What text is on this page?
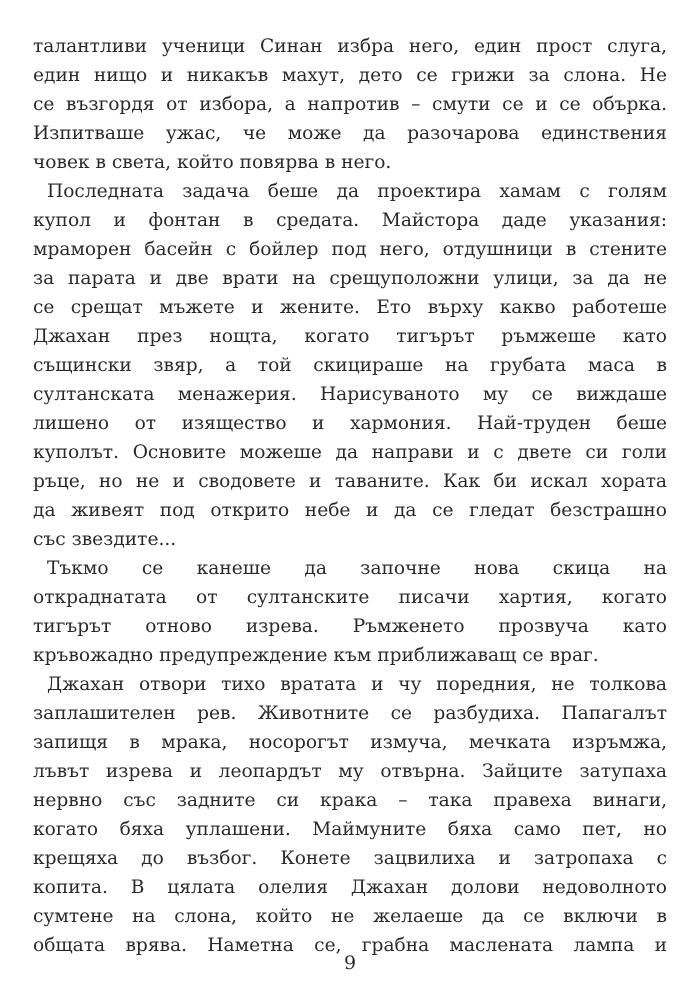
талантливи ученици Синан избра него, един прост слуга,
един нищо и никакъв махут, дето се грижи за слона. Не
се възгордя от избора, а напротив – смути се и се обърка.
Изпитваше ужас, че може да разочарова единствения
човек в света, който повярва в него.
Последната задача беше да проектира хамам с голям
купол и фонтан в средата. Майстора даде указания:
мраморен басейн с бойлер под него, отдушници в стените
за парата и две врати на срещуположни улици, за да не
се срещат мъжете и жените. Ето върху какво работеше
Джахан през нощта, когато тигърът ръмжеше като
същински звяр, а той скицираше на грубата маса в
султанската менажерия. Нарисуваното му се виждаше
лишено от изящество и хармония. Най-труден беше
куполът. Основите можеше да направи и с двете си голи
ръце, но не и сводовете и таваните. Как би искал хората
да живеят под открито небе и да се гледат безстрашно
със звездите...
Тъкмо се канеше да започне нова скица на
откраднатата от султанските писачи хартия, когато
тигърът отново изрева. Ръмженето прозвуча като
кръвожадно предупреждение към приближаващ се враг.
Джахан отвори тихо вратата и чу поредния, не толкова
заплашителен рев. Животните се разбудиха. Папагалът
запищя в мрака, носорогът измуча, мечката изръмжа,
лъвът изрева и леопардът му отвърна. Зайците затупаха
нервно със задните си крака – така правеха винаги,
когато бяха уплашени. Маймуните бяха само пет, но
крещяха до възбог. Конете зацвилиха и затропаха с
копита. В цялата олелия Джахан долови недоволното
сумтене на слона, който не желаеше да се включи в
общата врява. Наметна се, грабна маслената лампа и
9
